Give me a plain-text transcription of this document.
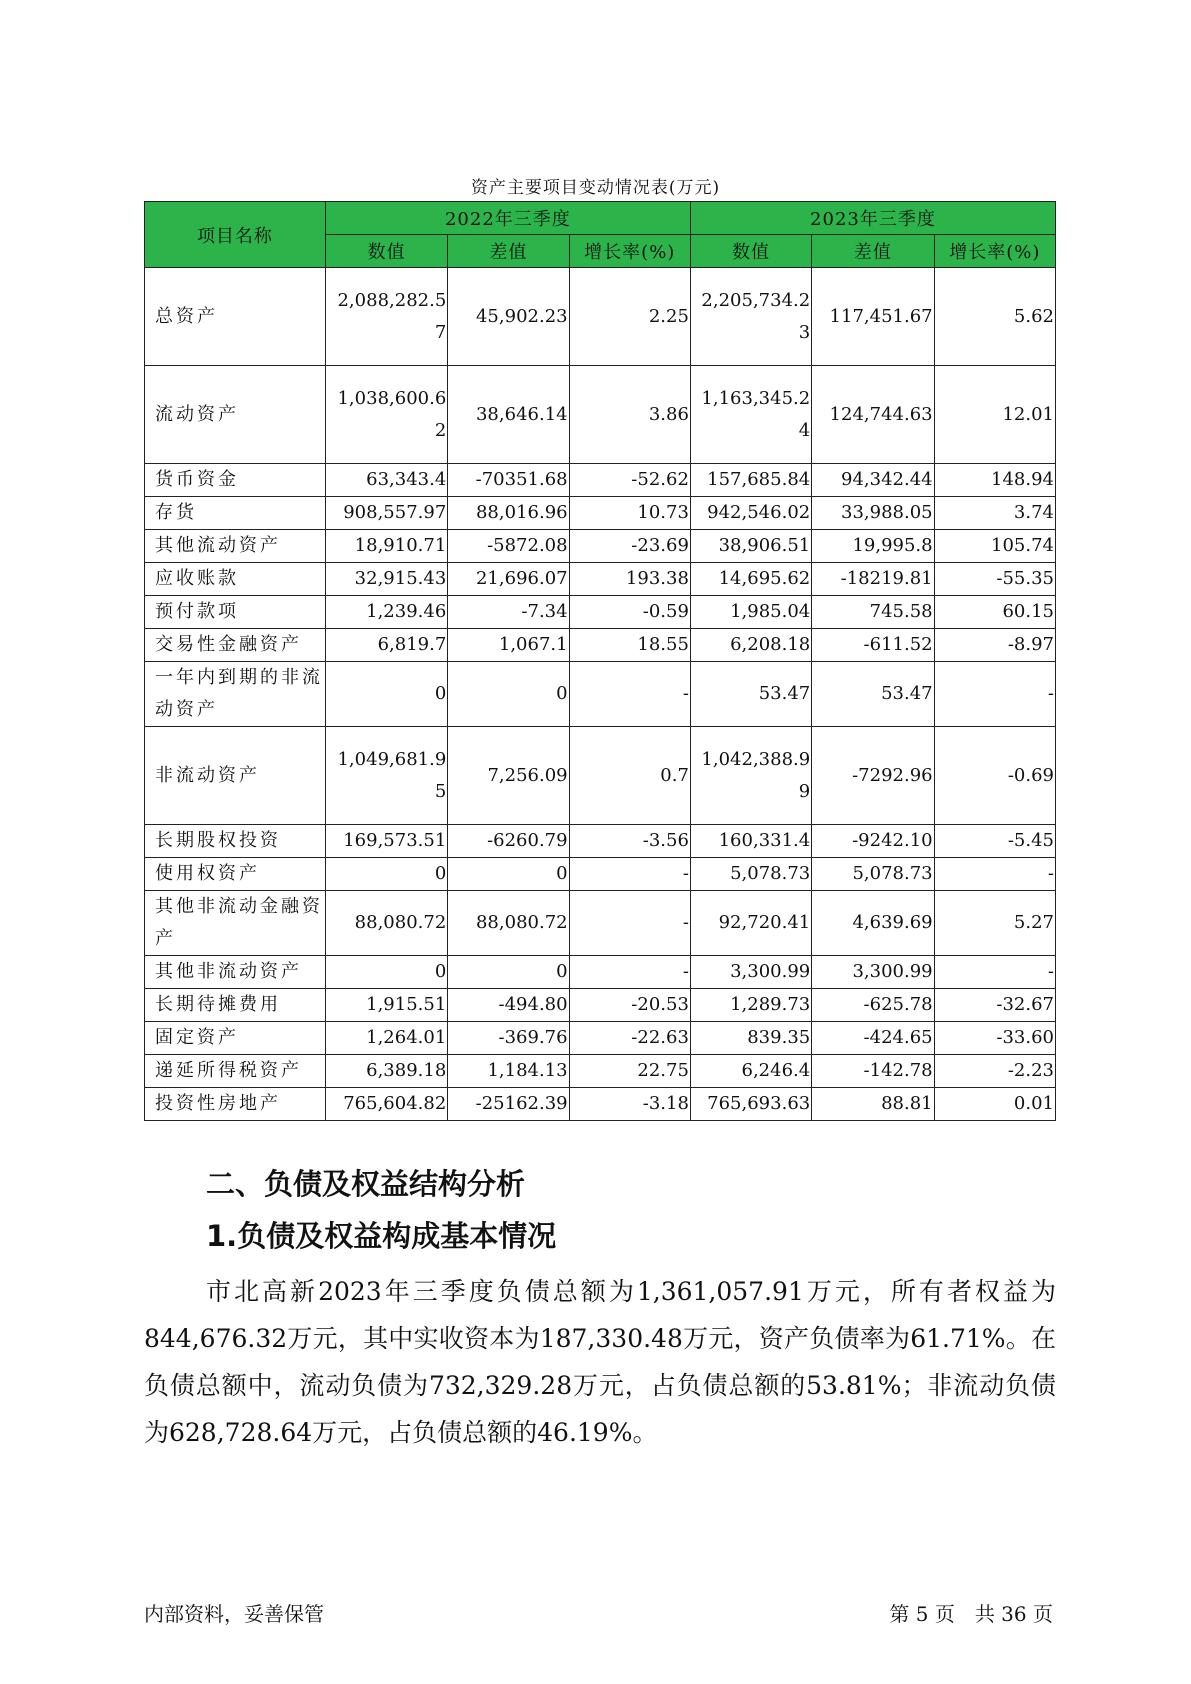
资产主要项目变动情况表(万元)
项目名称	2022年三季度			2023年三季度		
	数值	差值	增长率(%)	数值	差值	增长率(%)
总资产	2,088,282.57	45,902.23	2.25	2,205,734.23	117,451.67	5.62
流动资产	1,038,600.62	38,646.14	3.86	1,163,345.24	124,744.63	12.01
货币资金	63,343.4	-70351.68	-52.62	157,685.84	94,342.44	148.94
存货	908,557.97	88,016.96	10.73	942,546.02	33,988.05	3.74
其他流动资产	18,910.71	-5872.08	-23.69	38,906.51	19,995.8	105.74
应收账款	32,915.43	21,696.07	193.38	14,695.62	-18219.81	-55.35
预付款项	1,239.46	-7.34	-0.59	1,985.04	745.58	60.15
交易性金融资产	6,819.7	1,067.1	18.55	6,208.18	-611.52	-8.97
一年内到期的非流动资产	0	0	-	53.47	53.47	-
非流动资产	1,049,681.95	7,256.09	0.7	1,042,388.99	-7292.96	-0.69
长期股权投资	169,573.51	-6260.79	-3.56	160,331.4	-9242.10	-5.45
使用权资产	0	0	-	5,078.73	5,078.73	-
其他非流动金融资产	88,080.72	88,080.72	-	92,720.41	4,639.69	5.27
其他非流动资产	0	0	-	3,300.99	3,300.99	-
长期待摊费用	1,915.51	-494.80	-20.53	1,289.73	-625.78	-32.67
固定资产	1,264.01	-369.76	-22.63	839.35	-424.65	-33.60
递延所得税资产	6,389.18	1,184.13	22.75	6,246.4	-142.78	-2.23
投资性房地产	765,604.82	-25162.39	-3.18	765,693.63	88.81	0.01
二、负债及权益结构分析
1.负债及权益构成基本情况

市北高新2023年三季度负债总额为1,361,057.91万元，所有者权益为844,676.32万元，其中实收资本为187,330.48万元，资产负债率为61.71%。在负债总额中，流动负债为732,329.28万元，占负债总额的53.81%；非流动负债为628,728.64万元，占负债总额的46.19%。

内部资料，妥善保管	第 5 页　共 36 页
